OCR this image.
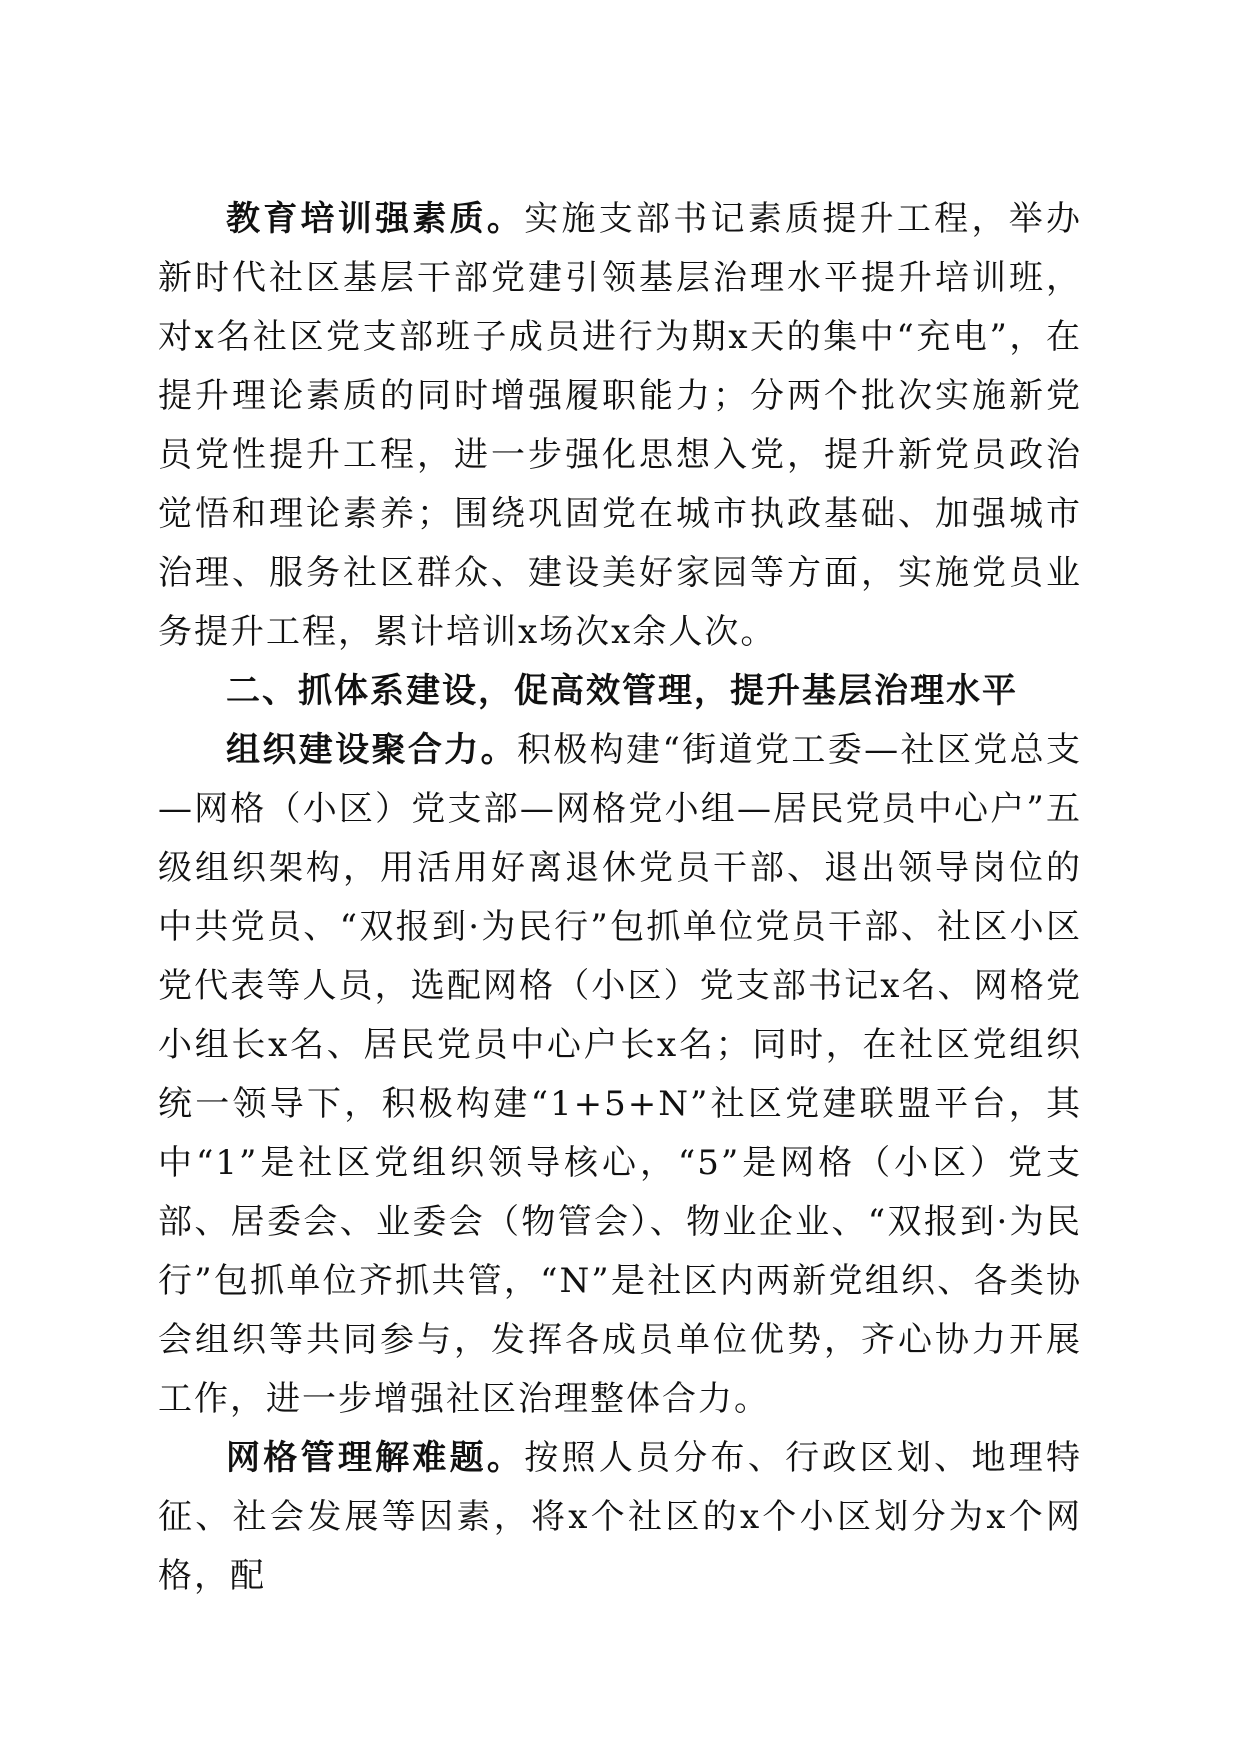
教育培训强素质。实施支部书记素质提升工程，举办新时代社区基层干部党建引领基层治理水平提升培训班，对x名社区党支部班子成员进行为期x天的集中“充电”，在提升理论素质的同时增强履职能力；分两个批次实施新党员党性提升工程，进一步强化思想入党，提升新党员政治觉悟和理论素养；围绕巩固党在城市执政基础、加强城市治理、服务社区群众、建设美好家园等方面，实施党员业务提升工程，累计培训x场次x余人次。

二、抓体系建设，促高效管理，提升基层治理水平

组织建设聚合力。积极构建“街道党工委—社区党总支—网格（小区）党支部—网格党小组—居民党员中心户”五级组织架构，用活用好离退休党员干部、退出领导岗位的中共党员、“双报到·为民行”包抓单位党员干部、社区小区党代表等人员，选配网格（小区）党支部书记x名、网格党小组长x名、居民党员中心户长x名；同时，在社区党组织统一领导下，积极构建“1+5+N”社区党建联盟平台，其中“1”是社区党组织领导核心，“5”是网格（小区）党支部、居委会、业委会（物管会）、物业企业、“双报到·为民行”包抓单位齐抓共管，“N”是社区内两新党组织、各类协会组织等共同参与，发挥各成员单位优势，齐心协力开展工作，进一步增强社区治理整体合力。

网格管理解难题。按照人员分布、行政区划、地理特征、社会发展等因素，将x个社区的x个小区划分为x个网格，配
